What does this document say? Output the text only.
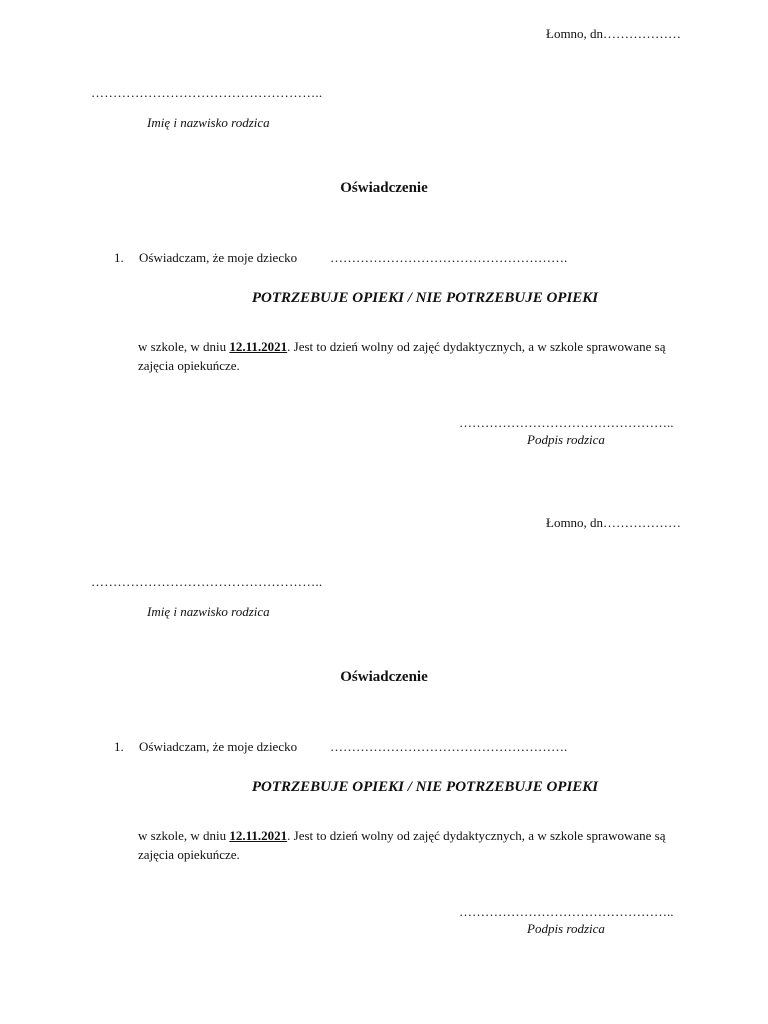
Łomno, dn………………
……………………………………………..
Imię i nazwisko rodzica
Oświadczenie
1. Oświadczam, że moje dziecko	……………………………………………….
POTRZEBUJE OPIEKI / NIE POTRZEBUJE OPIEKI
w szkole, w dniu 12.11.2021. Jest to dzień wolny od zajęć dydaktycznych, a w szkole sprawowane są zajęcia opiekuńcze.
…………………………………………..
Podpis rodzica
Łomno, dn………………
……………………………………………..
Imię i nazwisko rodzica
Oświadczenie
1. Oświadczam, że moje dziecko	……………………………………………….
POTRZEBUJE OPIEKI / NIE POTRZEBUJE OPIEKI
w szkole, w dniu 12.11.2021. Jest to dzień wolny od zajęć dydaktycznych, a w szkole sprawowane są zajęcia opiekuńcze.
…………………………………………..
Podpis rodzica
